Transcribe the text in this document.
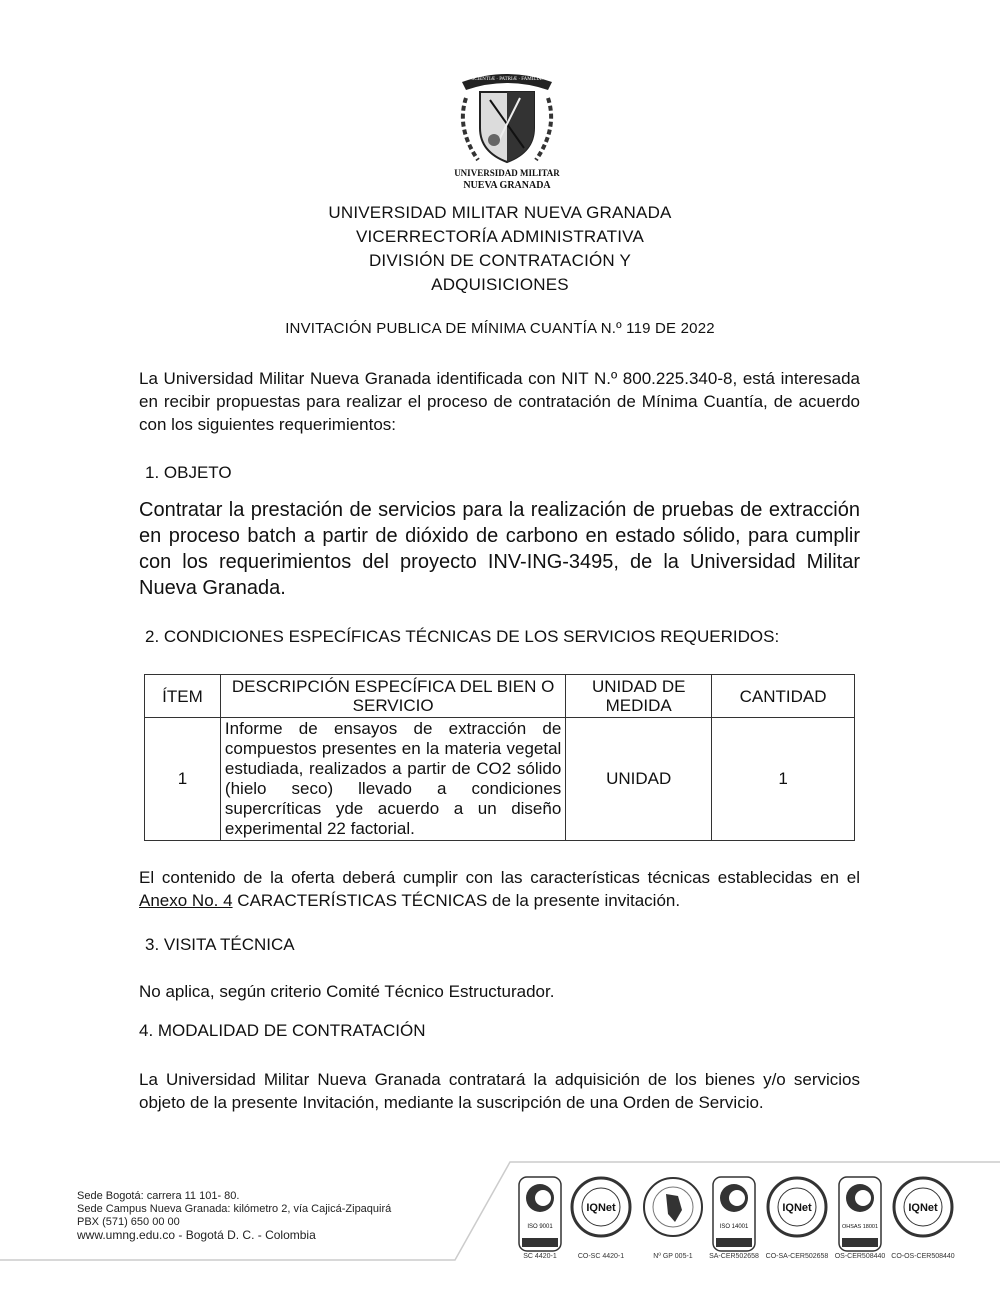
SCIENTIÆ · PATRIÆ · FAMILIÆ
UNIVERSIDAD MILITAR
NUEVA GRANADA
UNIVERSIDAD MILITAR NUEVA GRANADA
VICERRECTORÍA ADMINISTRATIVA
DIVISIÓN DE CONTRATACIÓN Y
ADQUISICIONES
INVITACIÓN PUBLICA DE MÍNIMA CUANTÍA N.º 119 DE 2022
La Universidad Militar Nueva Granada identificada con NIT N.º 800.225.340-8, está interesada en recibir propuestas para realizar el proceso de contratación de Mínima Cuantía, de acuerdo con los siguientes requerimientos:
1. OBJETO
Contratar la prestación de servicios para la realización de pruebas de extracción en proceso batch a partir de dióxido de carbono en estado sólido, para cumplir con los requerimientos del proyecto INV-ING-3495, de la Universidad Militar Nueva Granada.
2. CONDICIONES ESPECÍFICAS TÉCNICAS DE LOS SERVICIOS REQUERIDOS:
ÍTEM	DESCRIPCIÓN ESPECÍFICA DEL BIEN O SERVICIO	UNIDAD DE MEDIDA	CANTIDAD
1	Informe de ensayos de extracción de compuestos presentes en la materia vegetal estudiada, realizados a partir de CO2 sólido (hielo seco) llevado a condiciones supercríticas yde acuerdo a un diseño experimental 22 factorial.	UNIDAD	1
El contenido de la oferta deberá cumplir con las características técnicas establecidas en el Anexo No. 4 CARACTERÍSTICAS TÉCNICAS de la presente invitación.
3. VISITA TÉCNICA
No aplica, según criterio Comité Técnico Estructurador.
4. MODALIDAD DE CONTRATACIÓN
La Universidad Militar Nueva Granada contratará la adquisición de los bienes y/o servicios objeto de la presente Invitación, mediante la suscripción de una Orden de Servicio.
Sede Bogotá: carrera 11 101- 80.
Sede Campus Nueva Granada: kilómetro 2, vía Cajicá-Zipaquirá
PBX (571) 650 00 00
www.umng.edu.co - Bogotá D. C. - Colombia
ISO 9001
SC 4420-1
IQNet
CO-SC 4420-1	Nº GP 005-1
ISO 14001
SA-CER502658
IQNet
CO-SA-CER502658
OHSAS 18001
OS-CER508440
IQNet
CO-OS-CER508440
